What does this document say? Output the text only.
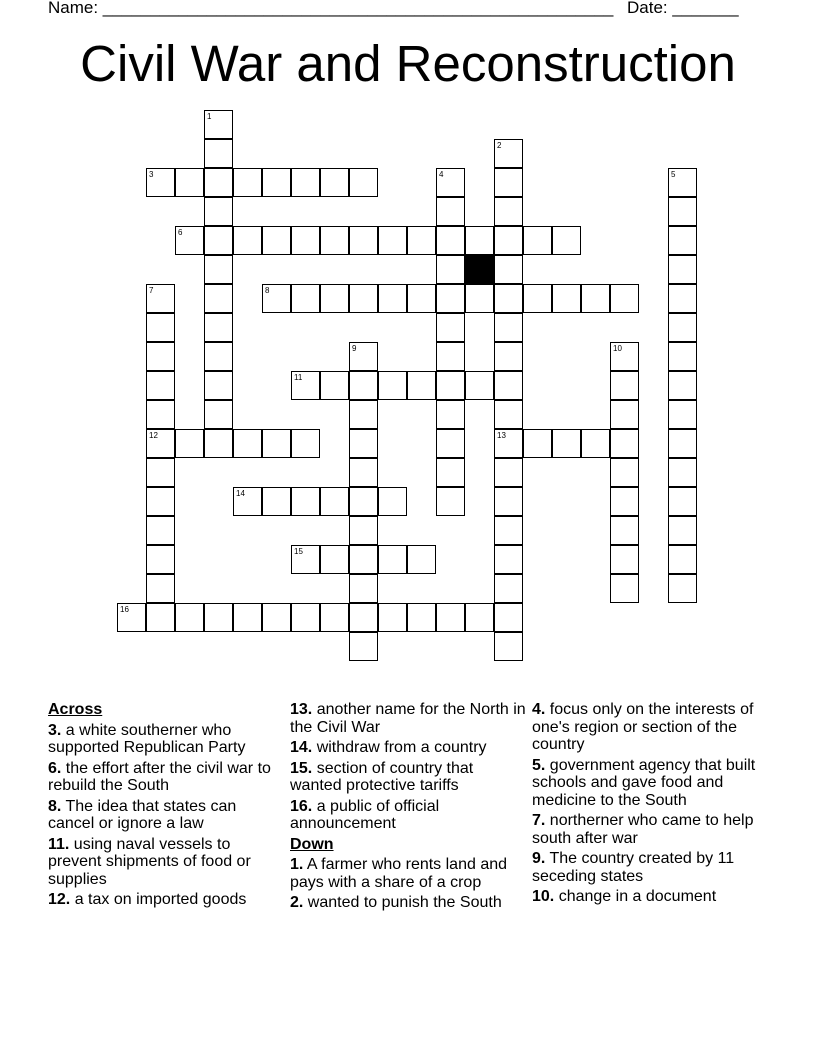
Name: ______________________________________________________

Date: _______

Civil War and Reconstruction
1
2
13
3	4	5
6
7
12
8
9	10
11
14
15
16
Across
3. a white southerner who supported Republican Party
6. the effort after the civil war to rebuild the South
8. The idea that states can cancel or ignore a law
11. using naval vessels to prevent shipments of food or supplies
12. a tax on imported goods
13. another name for the North in the Civil War
14. withdraw from a country
15. section of country that wanted protective tariffs
16. a public of official announcement
Down
1. A farmer who rents land and pays with a share of a crop
2. wanted to punish the South
4. focus only on the interests of one's region or section of the country
5. government agency that built schools and gave food and medicine to the South
7. northerner who came to help south after war
9. The country created by 11 seceding states
10. change in a document
